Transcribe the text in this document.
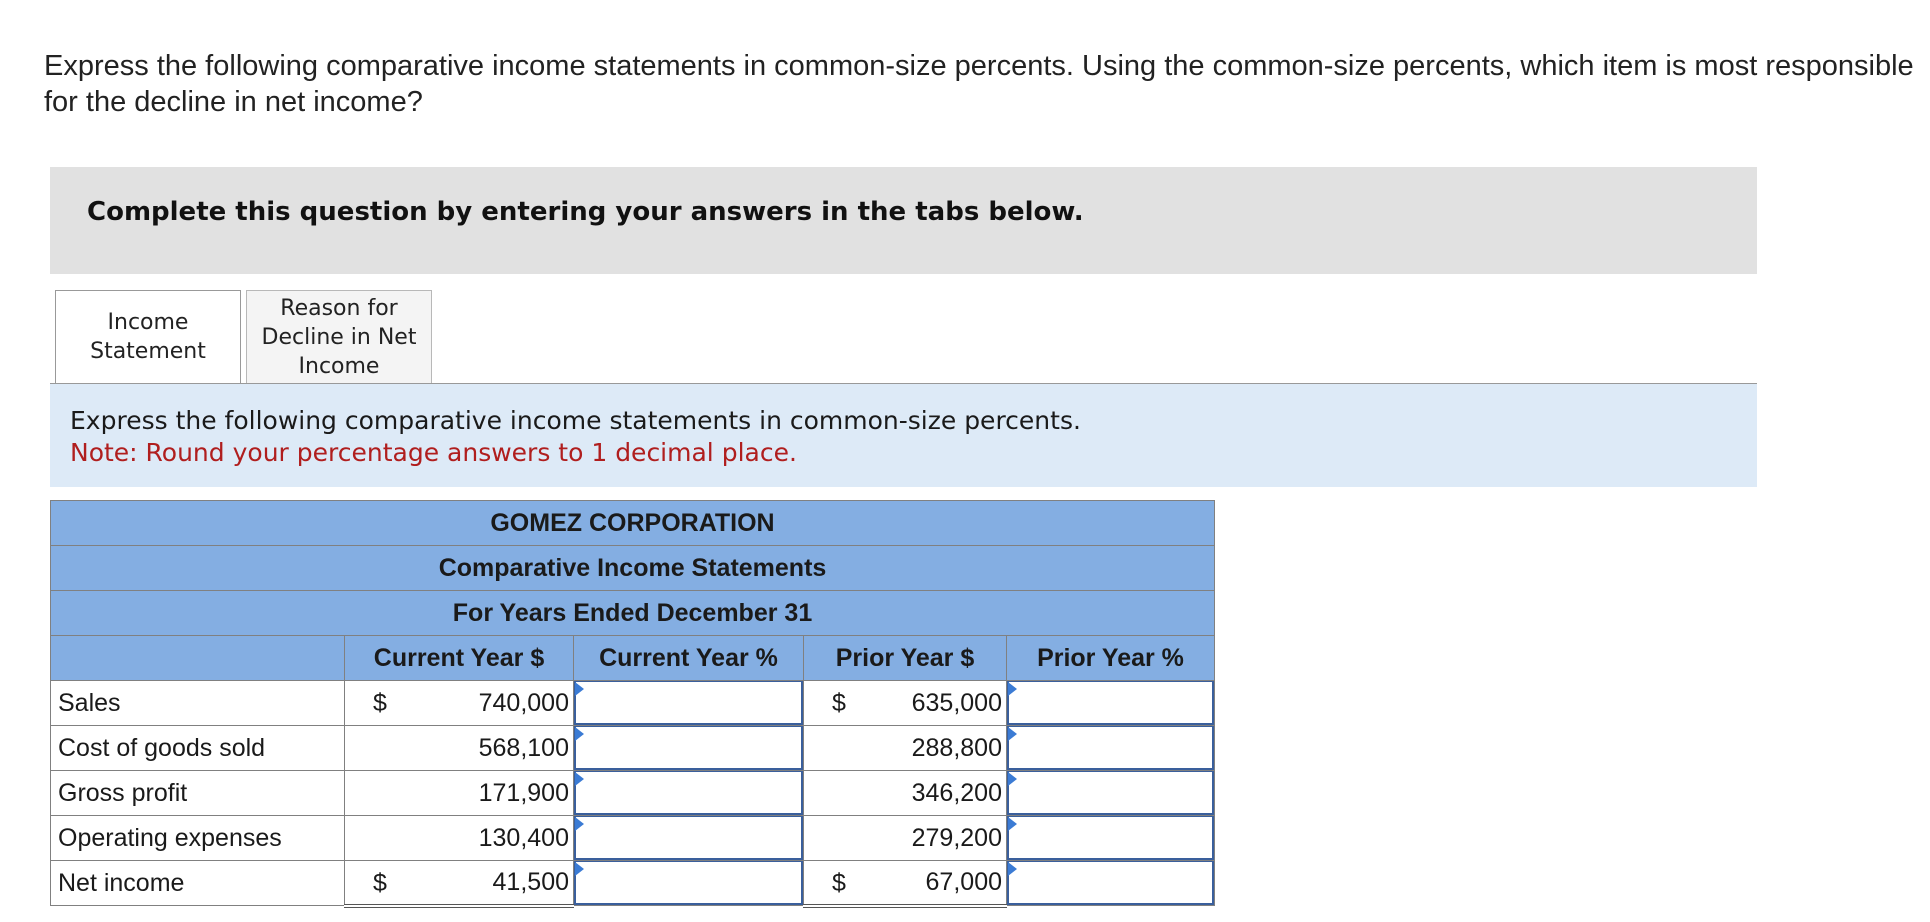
Express the following comparative income statements in common-size percents. Using the common-size percents, which item is most responsible for the decline in net income?
Complete this question by entering your answers in the tabs below.
Income Statement
Reason for Decline in Net Income
Express the following comparative income statements in common-size percents.
Note: Round your percentage answers to 1 decimal place.
GOMEZ CORPORATION				
Comparative Income Statements				
For Years Ended December 31				
	Current Year $	Current Year %	Prior Year $	Prior Year %
Sales	$ 740,000		$ 635,000	

Cost of goods sold	568,100		288,800	

Gross profit	171,900		346,200	

Operating expenses	130,400		279,200	

Net income	$ 41,500		$ 67,000	
